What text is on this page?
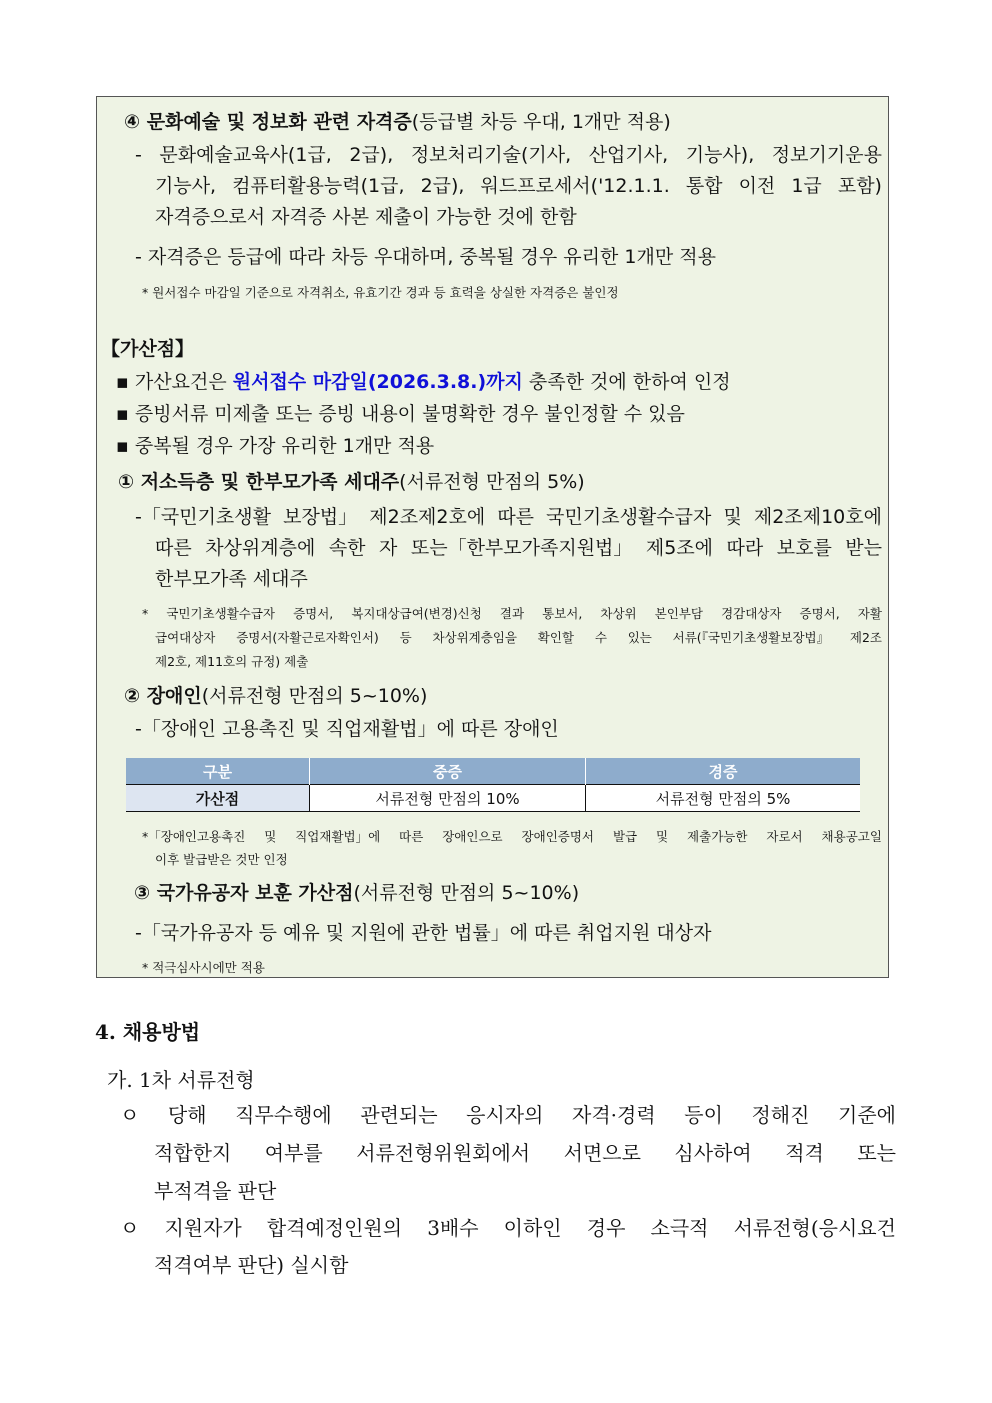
④ 문화예술 및 정보화 관련 자격증(등급별 차등 우대, 1개만 적용)
- 문화예술교육사(1급, 2급), 정보처리기술(기사, 산업기사, 기능사), 정보기기운용
기능사, 컴퓨터활용능력(1급, 2급), 워드프로세서('12.1.1. 통합 이전 1급 포함)
자격증으로서 자격증 사본 제출이 가능한 것에 한함
- 자격증은 등급에 따라 차등 우대하며, 중복될 경우 유리한 1개만 적용
* 원서접수 마감일 기준으로 자격취소, 유효기간 경과 등 효력을 상실한 자격증은 불인정
【가산점】
▪ 가산요건은 원서접수 마감일(2026.3.8.)까지 충족한 것에 한하여 인정
▪ 증빙서류 미제출 또는 증빙 내용이 불명확한 경우 불인정할 수 있음
▪ 중복될 경우 가장 유리한 1개만 적용
① 저소득층 및 한부모가족 세대주(서류전형 만점의 5%)
-「국민기초생활 보장법」 제2조제2호에 따른 국민기초생활수급자 및 제2조제10호에
따른 차상위계층에 속한 자 또는「한부모가족지원법」 제5조에 따라 보호를 받는
한부모가족 세대주
* 국민기초생활수급자 증명서, 복지대상급여(변경)신청 결과 통보서, 차상위 본인부담 경감대상자 증명서, 자활
급여대상자 증명서(자활근로자확인서) 등 차상위계층임을 확인할 수 있는 서류(『국민기초생활보장법』 제2조
제2호, 제11호의 규정) 제출
② 장애인(서류전형 만점의 5~10%)
-「장애인 고용촉진 및 직업재활법」에 따른 장애인
구분	중증	경증
가산점	서류전형 만점의 10%	서류전형 만점의 5%
*「장애인고용촉진 및 직업재활법」에 따른 장애인으로 장애인증명서 발급 및 제출가능한 자로서 채용공고일
이후 발급받은 것만 인정
③ 국가유공자 보훈 가산점(서류전형 만점의 5~10%)
-「국가유공자 등 예유 및 지원에 관한 법률」에 따른 취업지원 대상자
* 적극심사시에만 적용
4. 채용방법
가. 1차 서류전형
ㅇ 당해 직무수행에 관련되는 응시자의 자격·경력 등이 정해진 기준에
적합한지 여부를 서류전형위원회에서 서면으로 심사하여 적격 또는
부적격을 판단
ㅇ 지원자가 합격예정인원의 3배수 이하인 경우 소극적 서류전형(응시요건
적격여부 판단) 실시함
